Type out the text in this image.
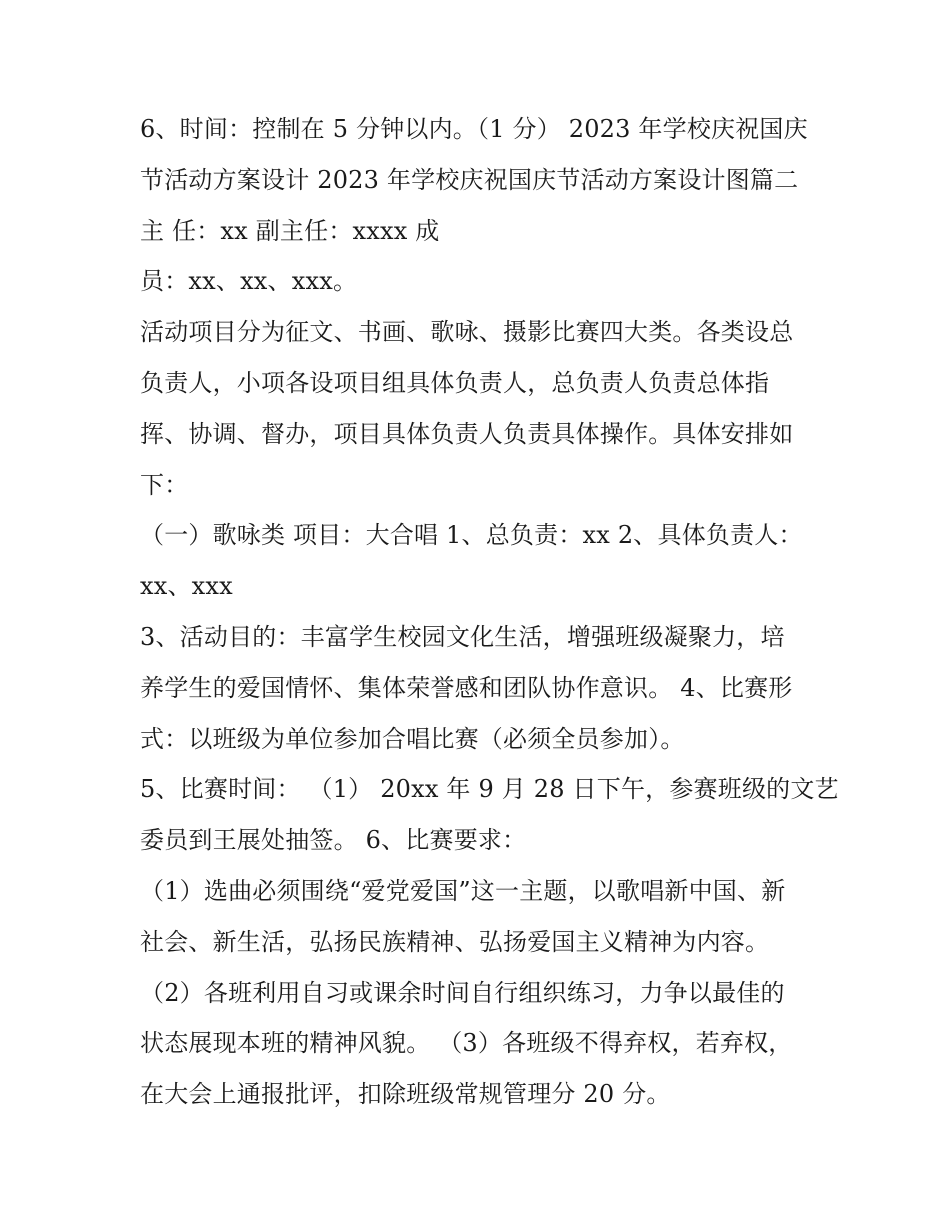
6、时间：控制在 5 分钟以内。（1 分） 2023 年学校庆祝国庆
节活动方案设计 2023 年学校庆祝国庆节活动方案设计图篇二
主 任：xx 副主任：xxxx 成
员：xx、xx、xxx。
活动项目分为征文、书画、歌咏、摄影比赛四大类。各类设总
负责人，小项各设项目组具体负责人，总负责人负责总体指
挥、协调、督办，项目具体负责人负责具体操作。具体安排如
下：
（一）歌咏类 项目：大合唱 1、总负责：xx 2、具体负责人：
xx、xxx
3、活动目的：丰富学生校园文化生活，增强班级凝聚力，培
养学生的爱国情怀、集体荣誉感和团队协作意识。 4、比赛形
式：以班级为单位参加合唱比赛（必须全员参加）。
5、比赛时间： （1） 20xx 年 9 月 28 日下午，参赛班级的文艺
委员到王展处抽签。 6、比赛要求：
（1）选曲必须围绕“爱党爱国”这一主题，以歌唱新中国、新
社会、新生活，弘扬民族精神、弘扬爱国主义精神为内容。
（2）各班利用自习或课余时间自行组织练习，力争以最佳的
状态展现本班的精神风貌。 （3）各班级不得弃权，若弃权，
在大会上通报批评，扣除班级常规管理分 20 分。
